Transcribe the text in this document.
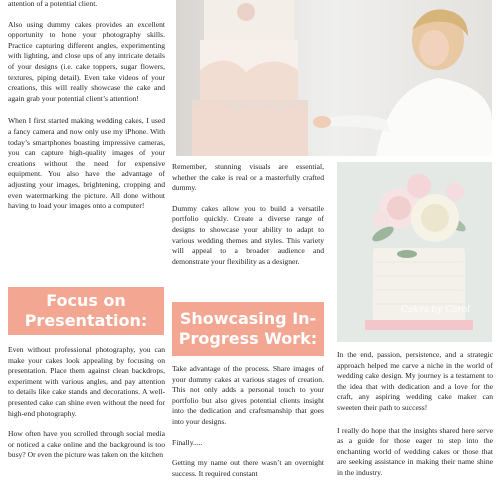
attention of a potential client.

Also using dummy cakes provides an excellent opportunity to hone your photography skills. Practice capturing different angles, experimenting with lighting, and close ups of any intricate details of your designs (i.e. cake toppers, sugar flowers, textures, piping detail). Even take videos of your creations, this will really showcase the cake and again grab your potential client’s attention!

When I first started making wedding cakes, I used a fancy camera and now only use my iPhone. With today’s smartphones boasting impressive cameras, you can capture high-quality images of your creations without the need for expensive equipment. You also have the advantage of adjusting your images, brightening, cropping and even watermarking the picture. All done without having to load your images onto a computer!

Focus on Presentation:

Even without professional photography, you can make your cakes look appealing by focusing on presentation. Place them against clean backdrops, experiment with various angles, and pay attention to details like cake stands and decorations. A well-presented cake can shine even without the need for high-end photography.

How often have you scrolled through social media or noticed a cake online and the background is too busy? Or even the picture was taken on the kitchen

Remember, stunning visuals are essential, whether the cake is real or a masterfully crafted dummy.

Dummy cakes allow you to build a versatile portfolio quickly. Create a diverse range of designs to showcase your ability to adapt to various wedding themes and styles. This variety will appeal to a broader audience and demonstrate your flexibility as a designer.

Showcasing In-Progress Work:

Take advantage of the process. Share images of your dummy cakes at various stages of creation. This not only adds a personal touch to your portfolio but also gives potential clients insight into the dedication and craftsmanship that goes into your designs.

Finally.....

Getting my name out there wasn’t an overnight success. It required constant

Cakes by Carol

In the end, passion, persistence, and a strategic approach helped me carve a niche in the world of wedding cake design. My journey is a testament to the idea that with dedication and a love for the craft, any aspiring wedding cake maker can sweeten their path to success!

I really do hope that the insights shared here serve as a guide for those eager to step into the enchanting world of wedding cakes or those that are seeking assistance in making their name shine in the industry.
